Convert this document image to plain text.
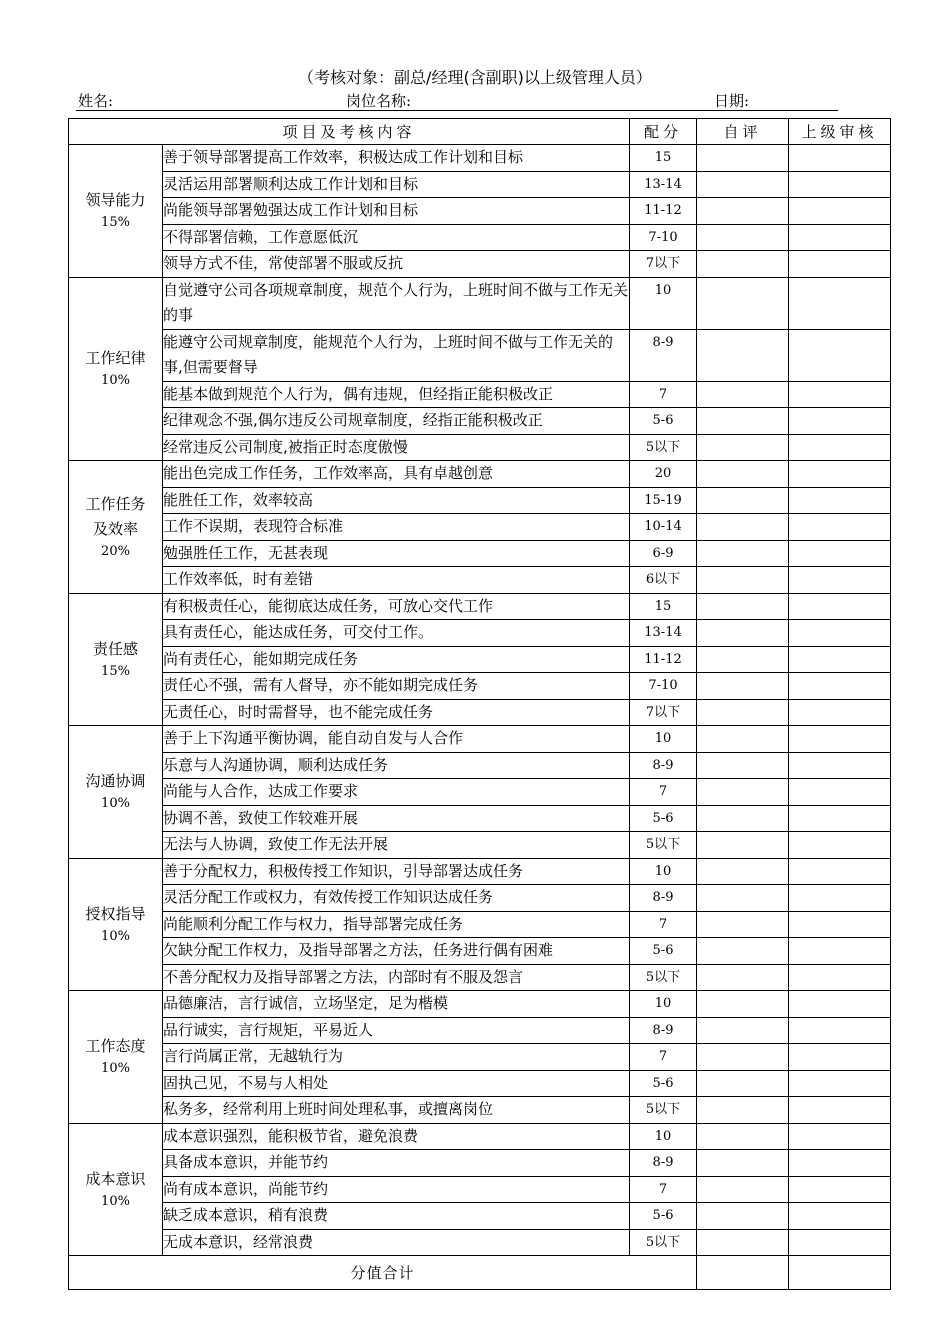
（考核对象：副总/经理(含副职)以上级管理人员）
姓名:	岗位名称:	日期:
项目及考核内容		配分	自评	上级审核

领导能力
15%	善于领导部署提高工作效率，积极达成工作计划和目标	15		
	灵活运用部署顺利达成工作计划和目标	13-14		
	尚能领导部署勉强达成工作计划和目标	11-12		
	不得部署信赖，工作意愿低沉	7-10		
	领导方式不佳，常使部署不服或反抗	7以下		

工作纪律
10%	自觉遵守公司各项规章制度，规范个人行为，上班时间不做与工作无关的事	10		
	能遵守公司规章制度，能规范个人行为，上班时间不做与工作无关的事,但需要督导	8-9		
	能基本做到规范个人行为，偶有违规，但经指正能积极改正	7		
	纪律观念不强,偶尔违反公司规章制度，经指正能积极改正	5-6		
	经常违反公司制度,被指正时态度傲慢	5以下		

工作任务
及效率
20%	能出色完成工作任务，工作效率高，具有卓越创意	20		
	能胜任工作，效率较高	15-19		
	工作不误期，表现符合标准	10-14		
	勉强胜任工作，无甚表现	6-9		
	工作效率低，时有差错	6以下		

责任感
15%	有积极责任心，能彻底达成任务，可放心交代工作	15		
	具有责任心，能达成任务，可交付工作。	13-14		
	尚有责任心，能如期完成任务	11-12		
	责任心不强，需有人督导，亦不能如期完成任务	7-10		
	无责任心，时时需督导，也不能完成任务	7以下		

沟通协调
10%	善于上下沟通平衡协调，能自动自发与人合作	10		
	乐意与人沟通协调，顺利达成任务	8-9		
	尚能与人合作，达成工作要求	7		
	协调不善，致使工作较难开展	5-6		
	无法与人协调，致使工作无法开展	5以下		

授权指导
10%	善于分配权力，积极传授工作知识，引导部署达成任务	10		
	灵活分配工作或权力，有效传授工作知识达成任务	8-9		
	尚能顺利分配工作与权力，指导部署完成任务	7		
	欠缺分配工作权力，及指导部署之方法，任务进行偶有困难	5-6		
	不善分配权力及指导部署之方法，内部时有不服及怨言	5以下		

工作态度
10%	品德廉洁，言行诚信，立场坚定，足为楷模	10		
	品行诚实，言行规矩，平易近人	8-9		
	言行尚属正常，无越轨行为	7		
	固执己见，不易与人相处	5-6		
	私务多，经常利用上班时间处理私事，或擅离岗位	5以下		

成本意识
10%	成本意识强烈，能积极节省，避免浪费	10		
	具备成本意识，并能节约	8-9		
	尚有成本意识，尚能节约	7		
	缺乏成本意识，稍有浪费	5-6		
	无成本意识，经常浪费	5以下		
分值合计				
